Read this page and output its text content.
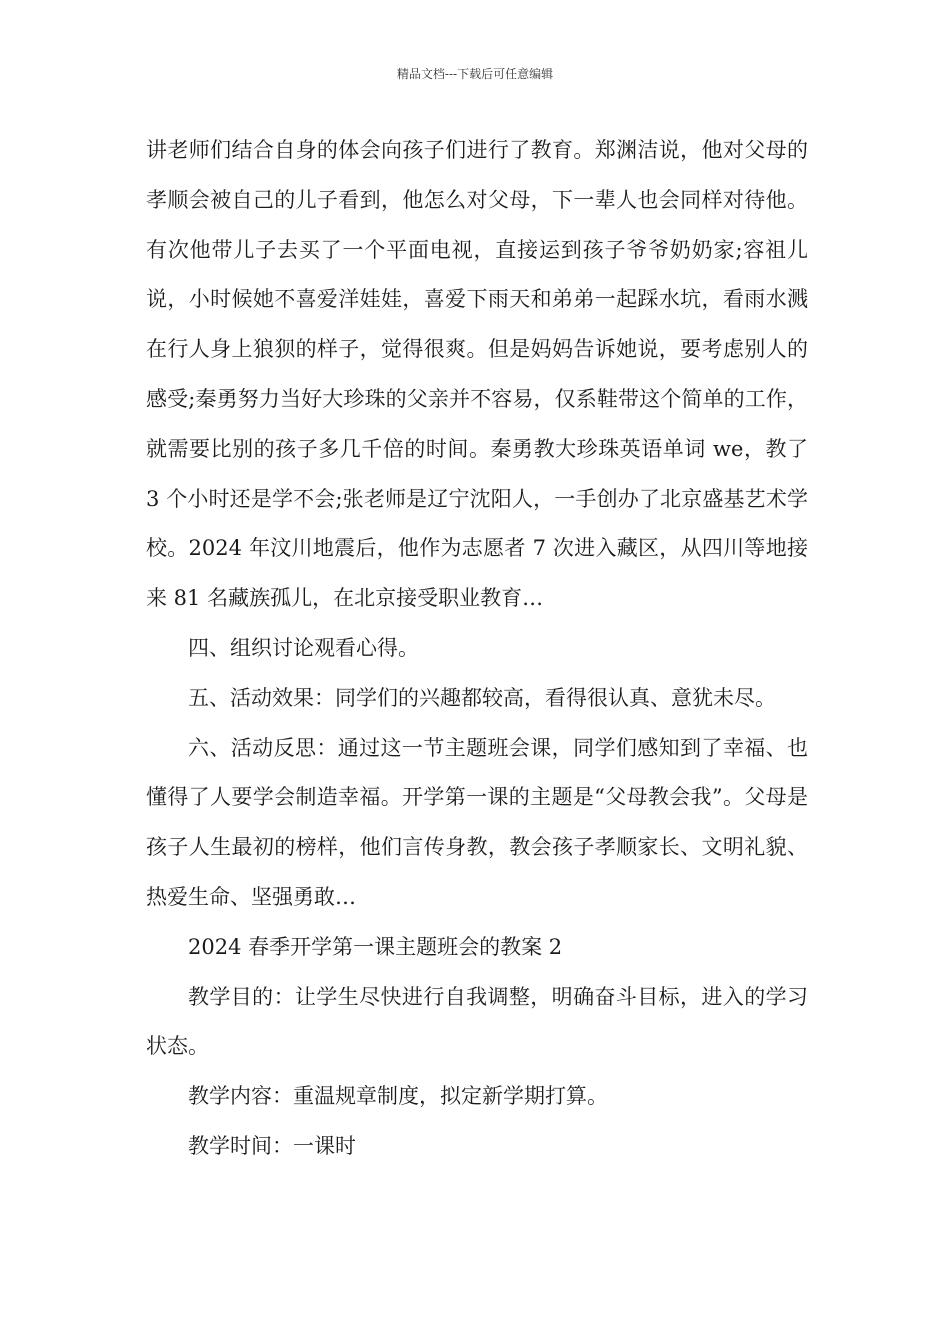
精品文档---下载后可任意编辑

讲老师们结合自身的体会向孩子们进行了教育。郑渊洁说，他对父母的孝顺会被自己的儿子看到，他怎么对父母，下一辈人也会同样对待他。有次他带儿子去买了一个平面电视，直接运到孩子爷爷奶奶家;容祖儿说，小时候她不喜爱洋娃娃，喜爱下雨天和弟弟一起踩水坑，看雨水溅在行人身上狼狈的样子，觉得很爽。但是妈妈告诉她说，要考虑别人的感受;秦勇努力当好大珍珠的父亲并不容易，仅系鞋带这个简单的工作，就需要比别的孩子多几千倍的时间。秦勇教大珍珠英语单词 we，教了 3 个小时还是学不会;张老师是辽宁沈阳人，一手创办了北京盛基艺术学校。2024 年汶川地震后，他作为志愿者 7 次进入藏区，从四川等地接来 81 名藏族孤儿，在北京接受职业教育…

四、组织讨论观看心得。

五、活动效果：同学们的兴趣都较高，看得很认真、意犹未尽。

六、活动反思：通过这一节主题班会课，同学们感知到了幸福、也懂得了人要学会制造幸福。开学第一课的主题是“父母教会我”。父母是孩子人生最初的榜样，他们言传身教，教会孩子孝顺家长、文明礼貌、热爱生命、坚强勇敢…

2024 春季开学第一课主题班会的教案 2

教学目的：让学生尽快进行自我调整，明确奋斗目标，进入的学习状态。

教学内容：重温规章制度，拟定新学期打算。

教学时间：一课时
